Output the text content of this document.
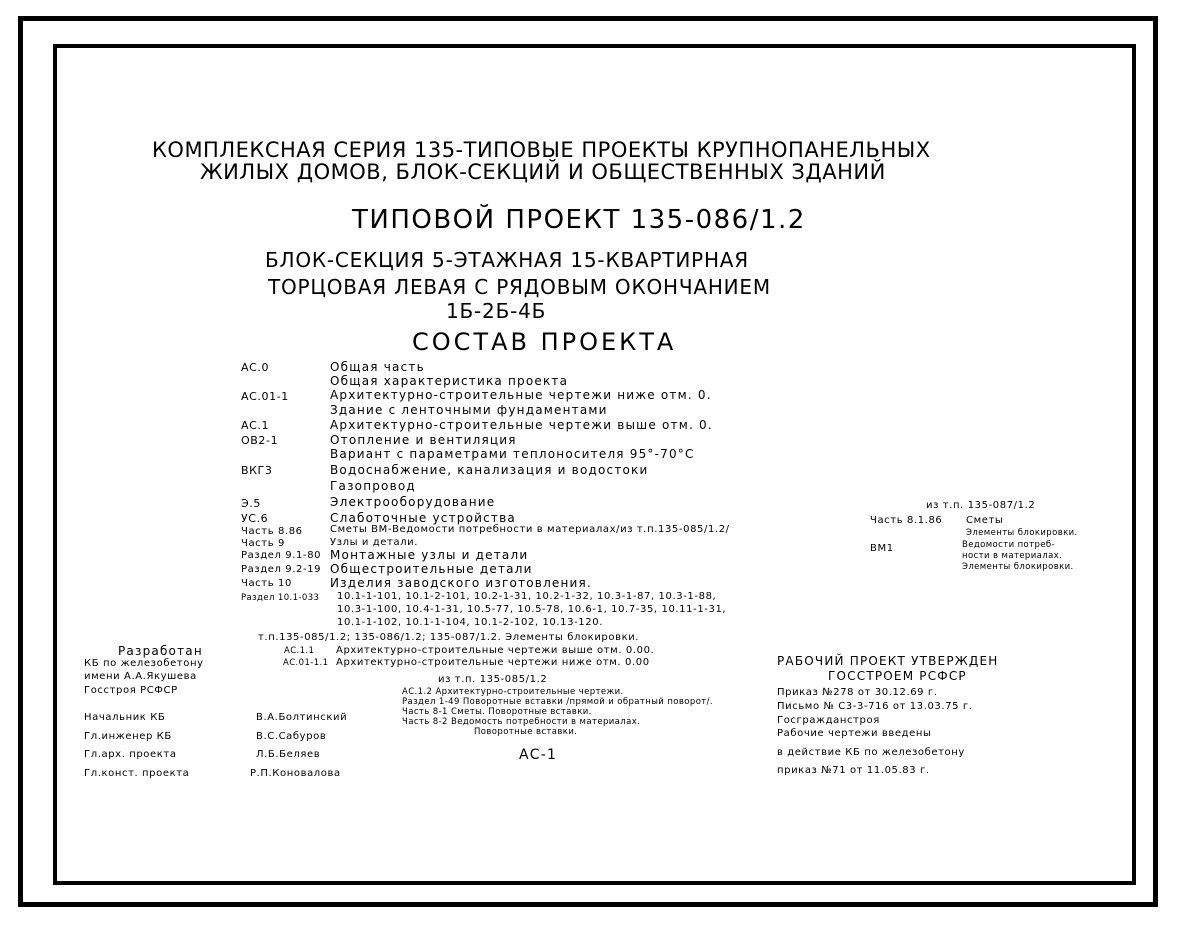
КОМПЛЕКСНАЯ СЕРИЯ 135-ТИПОВЫЕ ПРОЕКТЫ КРУПНОПАНЕЛЬНЫХ
ЖИЛЫХ ДОМОВ, БЛОК-СЕКЦИЙ И ОБЩЕСТВЕННЫХ ЗДАНИЙ
ТИПОВОЙ ПРОЕКТ 135-086/1.2
БЛОК-СЕКЦИЯ 5-ЭТАЖНАЯ 15-КВАРТИРНАЯ
ТОРЦОВАЯ ЛЕВАЯ С РЯДОВЫМ ОКОНЧАНИЕМ
1Б-2Б-4Б
СОСТАВ ПРОЕКТА
АС.0	Общая часть
Общая характеристика проекта
АС.01-1	Архитектурно-строительные чертежи ниже отм. 0.
Здание с ленточными фундаментами
АС.1	Архитектурно-строительные чертежи выше отм. 0.
ОВ2-1	Отопление и вентиляция
Вариант с параметрами теплоносителя 95°-70°С
ВКГ3	Водоснабжение, канализация и водостоки
Газопровод
Э.5	Электрооборудование
УС.6	Слаботочные устройства
Часть 8.86	Сметы ВМ-Ведомости потребности в материалах/из т.п.135-085/1.2/
Часть 9	Узлы и детали.
Раздел 9.1-80 Монтажные узлы и детали
Раздел 9.2-19 Общестроительные детали
Часть 10	Изделия заводского изготовления.
Раздел 10.1-033 10.1-1-101, 10.1-2-101, 10.2-1-31, 10.2-1-32, 10.3-1-87, 10.3-1-88,
10.3-1-100, 10.4-1-31, 10.5-77, 10.5-78, 10.6-1, 10.7-35, 10.11-1-31,
10.1-1-102, 10.1-1-104, 10.1-2-102, 10.13-120.
из т.п. 135-087/1.2
Часть 8.1.86 Сметы
Элементы блокировки.
ВМ1	Ведомости потреб-
ности в материалах.
Элементы блокировки.
т.п.135-085/1.2; 135-086/1.2; 135-087/1.2. Элементы блокировки.
АС.1.1 Архитектурно-строительные чертежи выше отм. 0.00.
АС.01-1.1 Архитектурно-строительные чертежи ниже отм. 0.00
из т.п. 135-085/1.2
АС.1.2 Архитектурно-строительные чертежи.
Раздел 1-49 Поворотные вставки /прямой и обратный поворот/.
Часть 8-1 Сметы. Поворотные вставки.
Часть 8-2 Ведомость потребности в материалах.
Поворотные вставки.
АС-1
Разработан
КБ по железобетону
имени А.А.Якушева
Госстроя РСФСР
Начальник КБ	В.А.Болтинский
Гл.инженер КБ	В.С.Сабуров
Гл.арх. проекта	Л.Б.Беляев
Гл.конст. проекта	Р.П.Коновалова
РАБОЧИЙ ПРОЕКТ УТВЕРЖДЕН
ГОССТРОЕМ РСФСР
Приказ №278 от 30.12.69 г.
Письмо № С3-3-716 от 13.03.75 г.
Госгражданстроя
Рабочие чертежи введены
в действие КБ по железобетону
приказ №71 от 11.05.83 г.
